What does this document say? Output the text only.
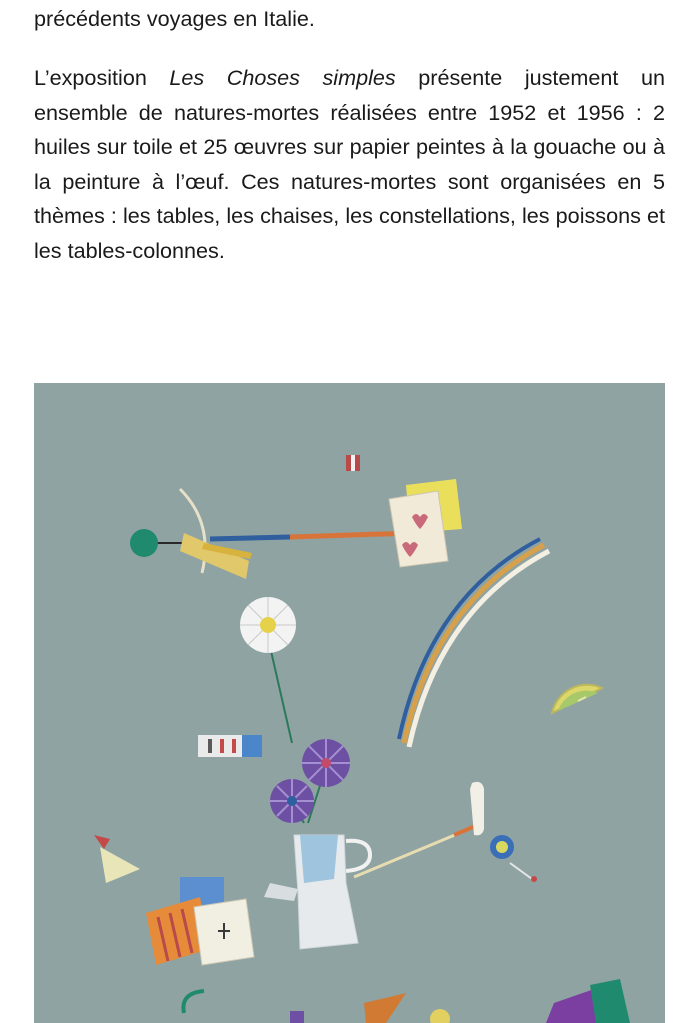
précédents voyages en Italie.

L’exposition Les Choses simples présente justement un ensemble de natures-mortes réalisées entre 1952 et 1956 : 2 huiles sur toile et 25 œuvres sur papier peintes à la gouache ou à la peinture à l’œuf. Ces natures-mortes sont organisées en 5 thèmes : les tables, les chaises, les constellations, les poissons et les tables-colonnes.
